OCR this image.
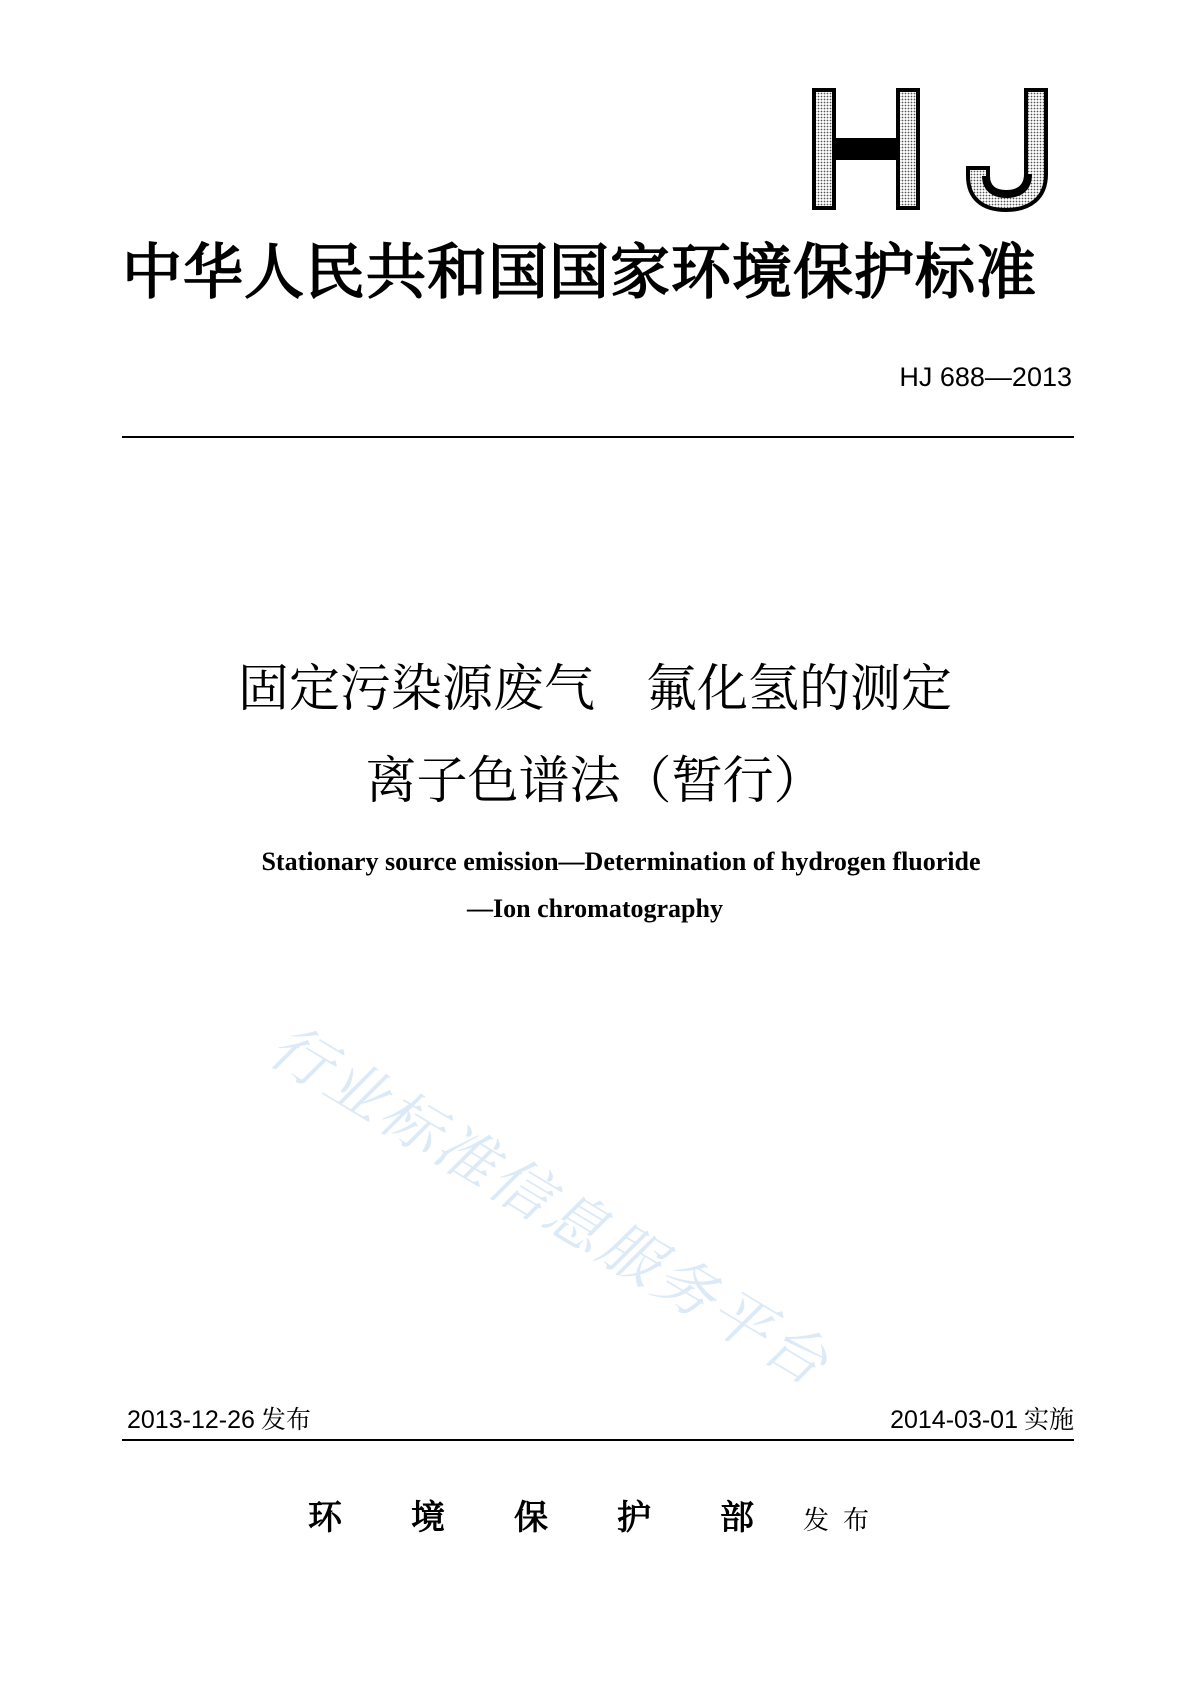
中华人民共和国国家环境保护标准
HJ 688—2013
固定污染源废气　氟化氢的测定
离子色谱法（暂行）
Stationary source emission—Determination of hydrogen fluoride
—Ion chromatography
行业标准信息服务平台
2013-12-26 发布	2014-03-01 实施
环	境	保	护	部	发布
